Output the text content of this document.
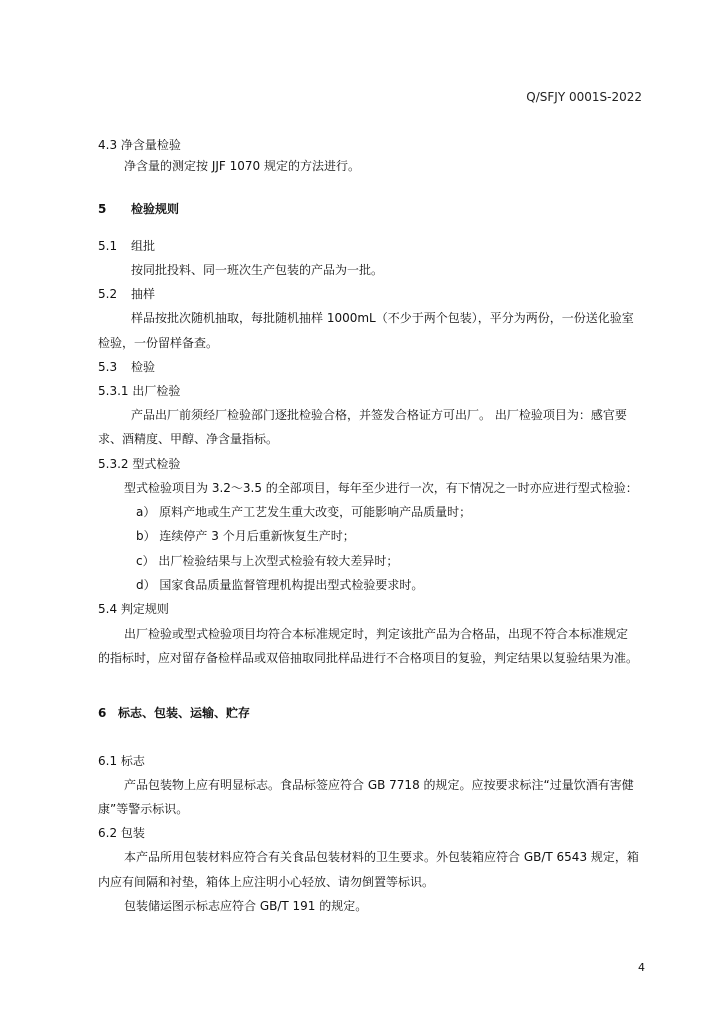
Q/SFJY 0001S-2022
4.3 净含量检验
净含量的测定按 JJF 1070 规定的方法进行。
5 检验规则
5.1 组批
按同批投料、同一班次生产包装的产品为一批。
5.2 抽样
样品按批次随机抽取，每批随机抽样 1000mL（不少于两个包装），平分为两份，一份送化验室
检验，一份留样备查。
5.3 检验
5.3.1 出厂检验
产品出厂前须经厂检验部门逐批检验合格，并签发合格证方可出厂。 出厂检验项目为：感官要
求、酒精度、甲醇、净含量指标。
5.3.2 型式检验
型式检验项目为 3.2～3.5 的全部项目，每年至少进行一次，有下情况之一时亦应进行型式检验：
a） 原料产地或生产工艺发生重大改变，可能影响产品质量时；
b） 连续停产 3 个月后重新恢复生产时；
c） 出厂检验结果与上次型式检验有较大差异时；
d） 国家食品质量监督管理机构提出型式检验要求时。
5.4 判定规则
出厂检验或型式检验项目均符合本标准规定时，判定该批产品为合格品，出现不符合本标准规定
的指标时，应对留存备检样品或双倍抽取同批样品进行不合格项目的复验，判定结果以复验结果为准。
6 标志、包装、运输、贮存
6.1 标志
产品包装物上应有明显标志。食品标签应符合 GB 7718 的规定。应按要求标注“过量饮酒有害健
康”等警示标识。
6.2 包装
本产品所用包装材料应符合有关食品包装材料的卫生要求。外包装箱应符合 GB/T 6543 规定，箱
内应有间隔和衬垫，箱体上应注明小心轻放、请勿倒置等标识。
包装储运图示标志应符合 GB/T 191 的规定。
4
